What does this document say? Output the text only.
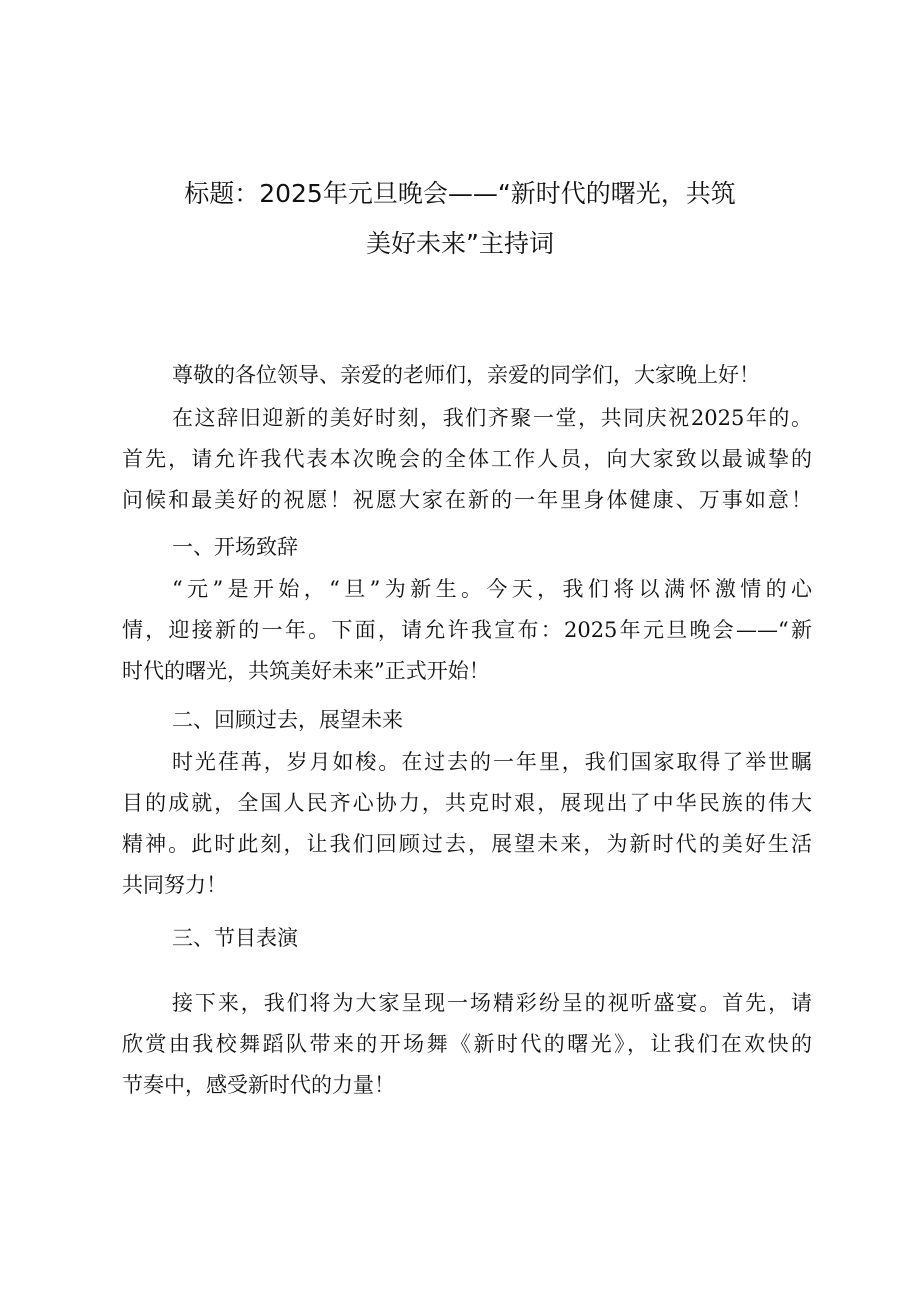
标题：2025年元旦晚会——“新时代的曙光，共筑
美好未来”主持词
尊敬的各位领导、亲爱的老师们，亲爱的同学们，大家晚上好！
在这辞旧迎新的美好时刻，我们齐聚一堂，共同庆祝2025年的。
首先，请允许我代表本次晚会的全体工作人员，向大家致以最诚挚的
问候和最美好的祝愿！祝愿大家在新的一年里身体健康、万事如意！
一、开场致辞
“元”是开始，“旦”为新生。今天，我们将以满怀激情的心
情，迎接新的一年。下面，请允许我宣布：2025年元旦晚会——“新
时代的曙光，共筑美好未来”正式开始！
二、回顾过去，展望未来
时光荏苒，岁月如梭。在过去的一年里，我们国家取得了举世瞩
目的成就，全国人民齐心协力，共克时艰，展现出了中华民族的伟大
精神。此时此刻，让我们回顾过去，展望未来，为新时代的美好生活
共同努力！
三、节目表演
接下来，我们将为大家呈现一场精彩纷呈的视听盛宴。首先，请
欣赏由我校舞蹈队带来的开场舞《新时代的曙光》，让我们在欢快的
节奏中，感受新时代的力量！
